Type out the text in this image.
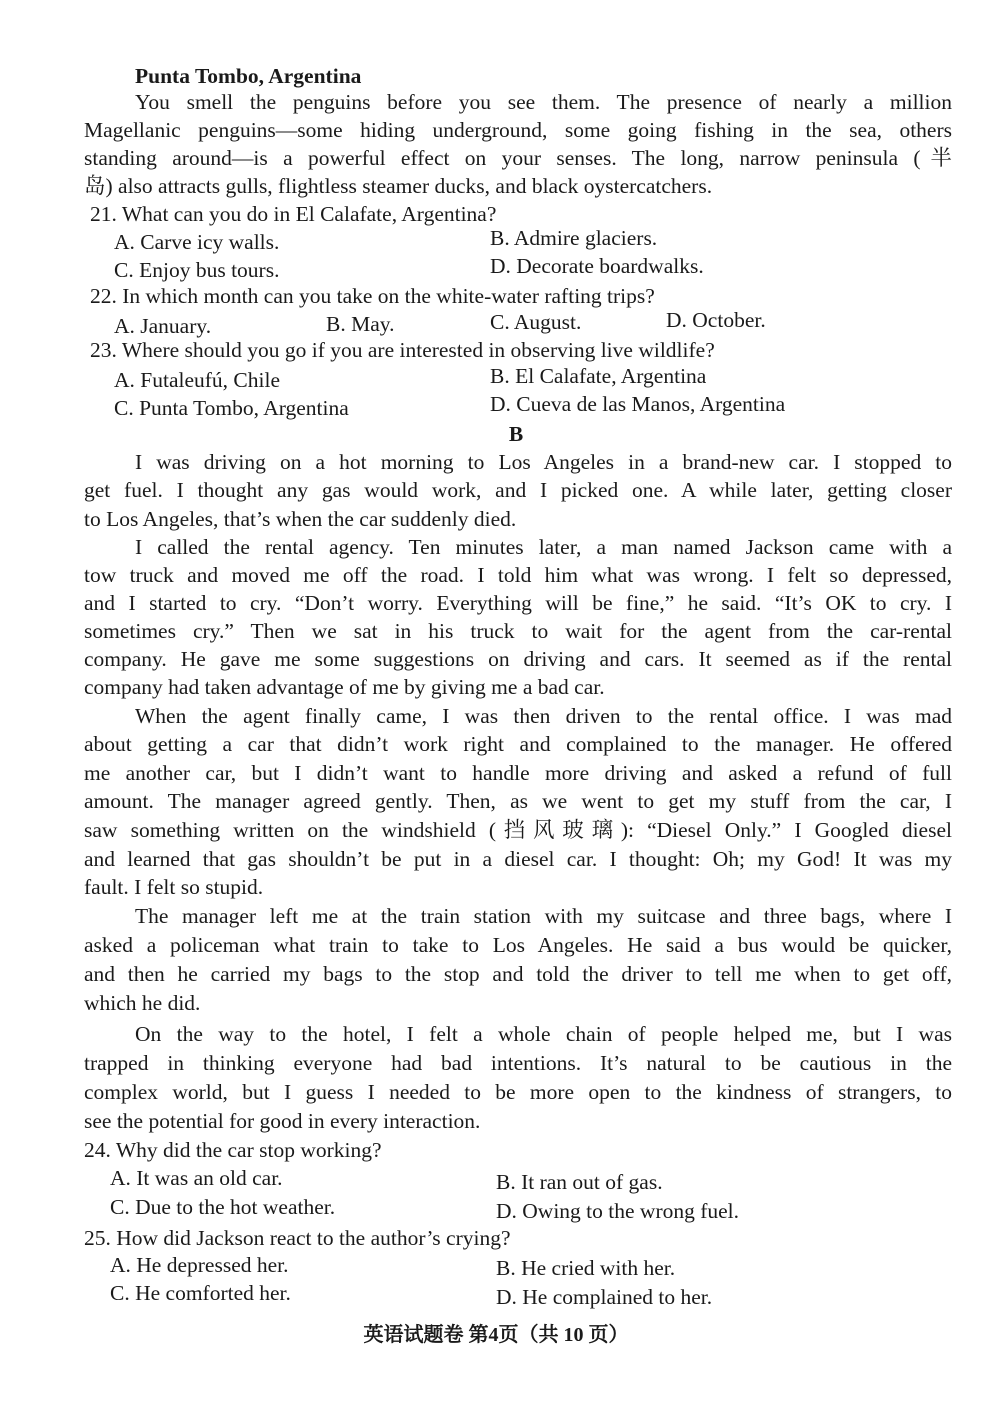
Punta Tombo, Argentina
You smell the penguins before you see them. The presence of nearly a million
Magellanic penguins—some hiding underground, some going fishing in the sea, others
standing around—is a powerful effect on your senses. The long, narrow peninsula (半
岛) also attracts gulls, flightless steamer ducks, and black oystercatchers.
21. What can you do in El Calafate, Argentina?
A. Carve icy walls.	B. Admire glaciers.
C. Enjoy bus tours.	D. Decorate boardwalks.
22. In which month can you take on the white-water rafting trips?
A. January.	B. May.	C. August.	D. October.
23. Where should you go if you are interested in observing live wildlife?
A. Futaleufú, Chile	B. El Calafate, Argentina
C. Punta Tombo, Argentina	D. Cueva de las Manos, Argentina
B
I was driving on a hot morning to Los Angeles in a brand-new car. I stopped to
get fuel. I thought any gas would work, and I picked one. A while later, getting closer
to Los Angeles, that’s when the car suddenly died.
I called the rental agency. Ten minutes later, a man named Jackson came with a
tow truck and moved me off the road. I told him what was wrong. I felt so depressed,
and I started to cry. “Don’t worry. Everything will be fine,” he said. “It’s OK to cry. I
sometimes cry.” Then we sat in his truck to wait for the agent from the car-rental
company. He gave me some suggestions on driving and cars. It seemed as if the rental
company had taken advantage of me by giving me a bad car.
When the agent finally came, I was then driven to the rental office. I was mad
about getting a car that didn’t work right and complained to the manager. He offered
me another car, but I didn’t want to handle more driving and asked a refund of full
amount. The manager agreed gently. Then, as we went to get my stuff from the car, I
saw something written on the windshield (挡风玻璃): “Diesel Only.” I Googled diesel
and learned that gas shouldn’t be put in a diesel car. I thought: Oh; my God! It was my
fault. I felt so stupid.
The manager left me at the train station with my suitcase and three bags, where I
asked a policeman what train to take to Los Angeles. He said a bus would be quicker,
and then he carried my bags to the stop and told the driver to tell me when to get off,
which he did.
On the way to the hotel, I felt a whole chain of people helped me, but I was
trapped in thinking everyone had bad intentions. It’s natural to be cautious in the
complex world, but I guess I needed to be more open to the kindness of strangers, to
see the potential for good in every interaction.
24. Why did the car stop working?
A. It was an old car.	B. It ran out of gas.
C. Due to the hot weather.	D. Owing to the wrong fuel.
25. How did Jackson react to the author’s crying?
A. He depressed her.	B. He cried with her.
C. He comforted her.	D. He complained to her.
英语试题卷 第4页（共 10 页）
